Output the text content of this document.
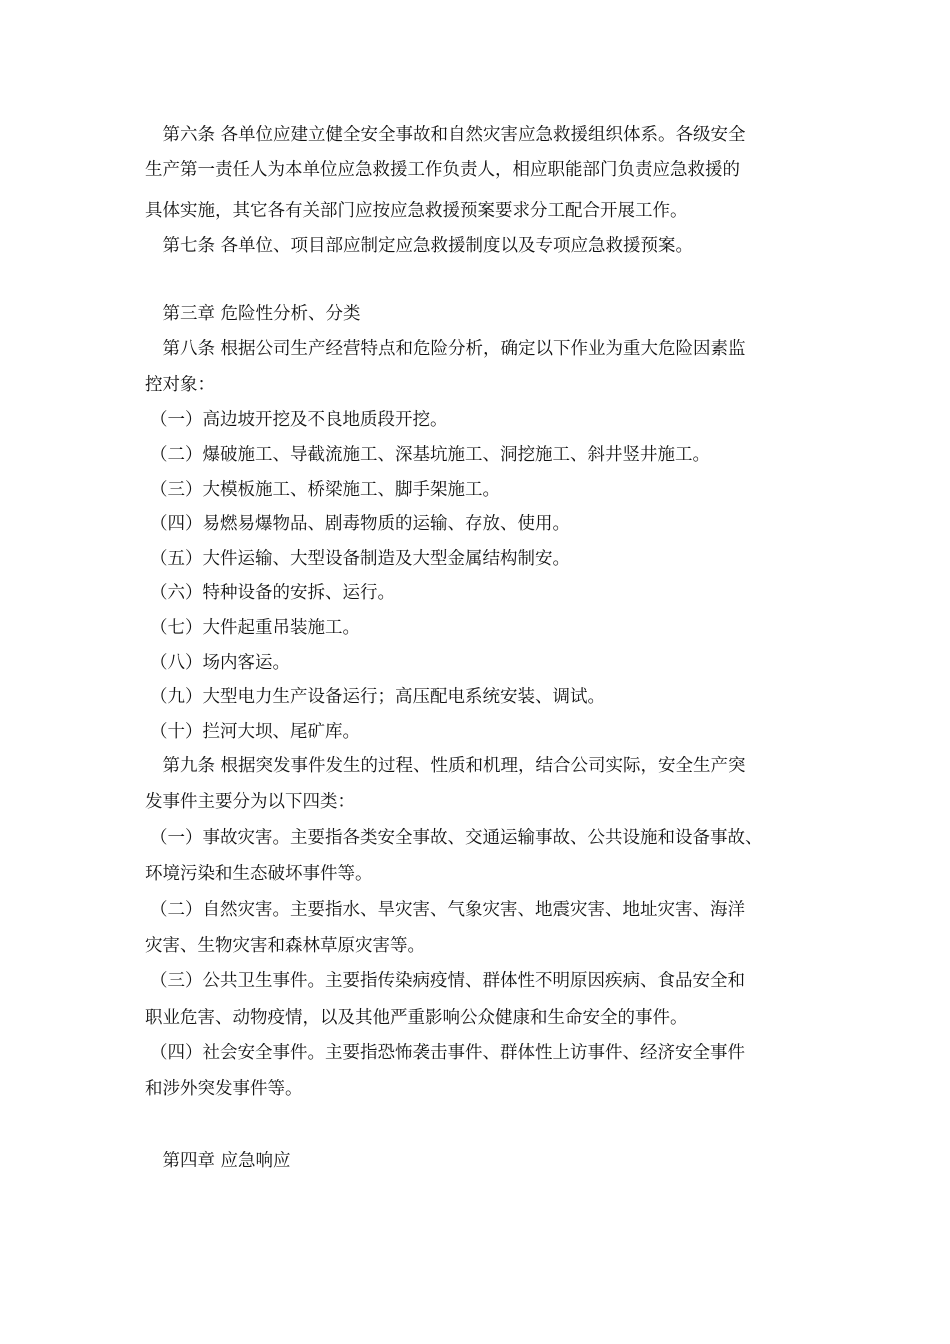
　第六条 各单位应建立健全安全事故和自然灾害应急救援组织体系。各级安全
生产第一责任人为本单位应急救援工作负责人，相应职能部门负责应急救援的
具体实施，其它各有关部门应按应急救援预案要求分工配合开展工作。
　第七条 各单位、项目部应制定应急救援制度以及专项应急救援预案。
　第三章 危险性分析、分类
　第八条 根据公司生产经营特点和危险分析，确定以下作业为重大危险因素监
控对象：
（一）高边坡开挖及不良地质段开挖。
（二）爆破施工、导截流施工、深基坑施工、洞挖施工、斜井竖井施工。
（三）大模板施工、桥梁施工、脚手架施工。
（四）易燃易爆物品、剧毒物质的运输、存放、使用。
（五）大件运输、大型设备制造及大型金属结构制安。
（六）特种设备的安拆、运行。
（七）大件起重吊装施工。
（八）场内客运。
（九）大型电力生产设备运行；高压配电系统安装、调试。
（十）拦河大坝、尾矿库。
　第九条 根据突发事件发生的过程、性质和机理，结合公司实际，安全生产突
发事件主要分为以下四类：
（一）事故灾害。主要指各类安全事故、交通运输事故、公共设施和设备事故、
环境污染和生态破坏事件等。
（二）自然灾害。主要指水、旱灾害、气象灾害、地震灾害、地址灾害、海洋
灾害、生物灾害和森林草原灾害等。
（三）公共卫生事件。主要指传染病疫情、群体性不明原因疾病、食品安全和
职业危害、动物疫情，以及其他严重影响公众健康和生命安全的事件。
（四）社会安全事件。主要指恐怖袭击事件、群体性上访事件、经济安全事件
和涉外突发事件等。
　第四章 应急响应
